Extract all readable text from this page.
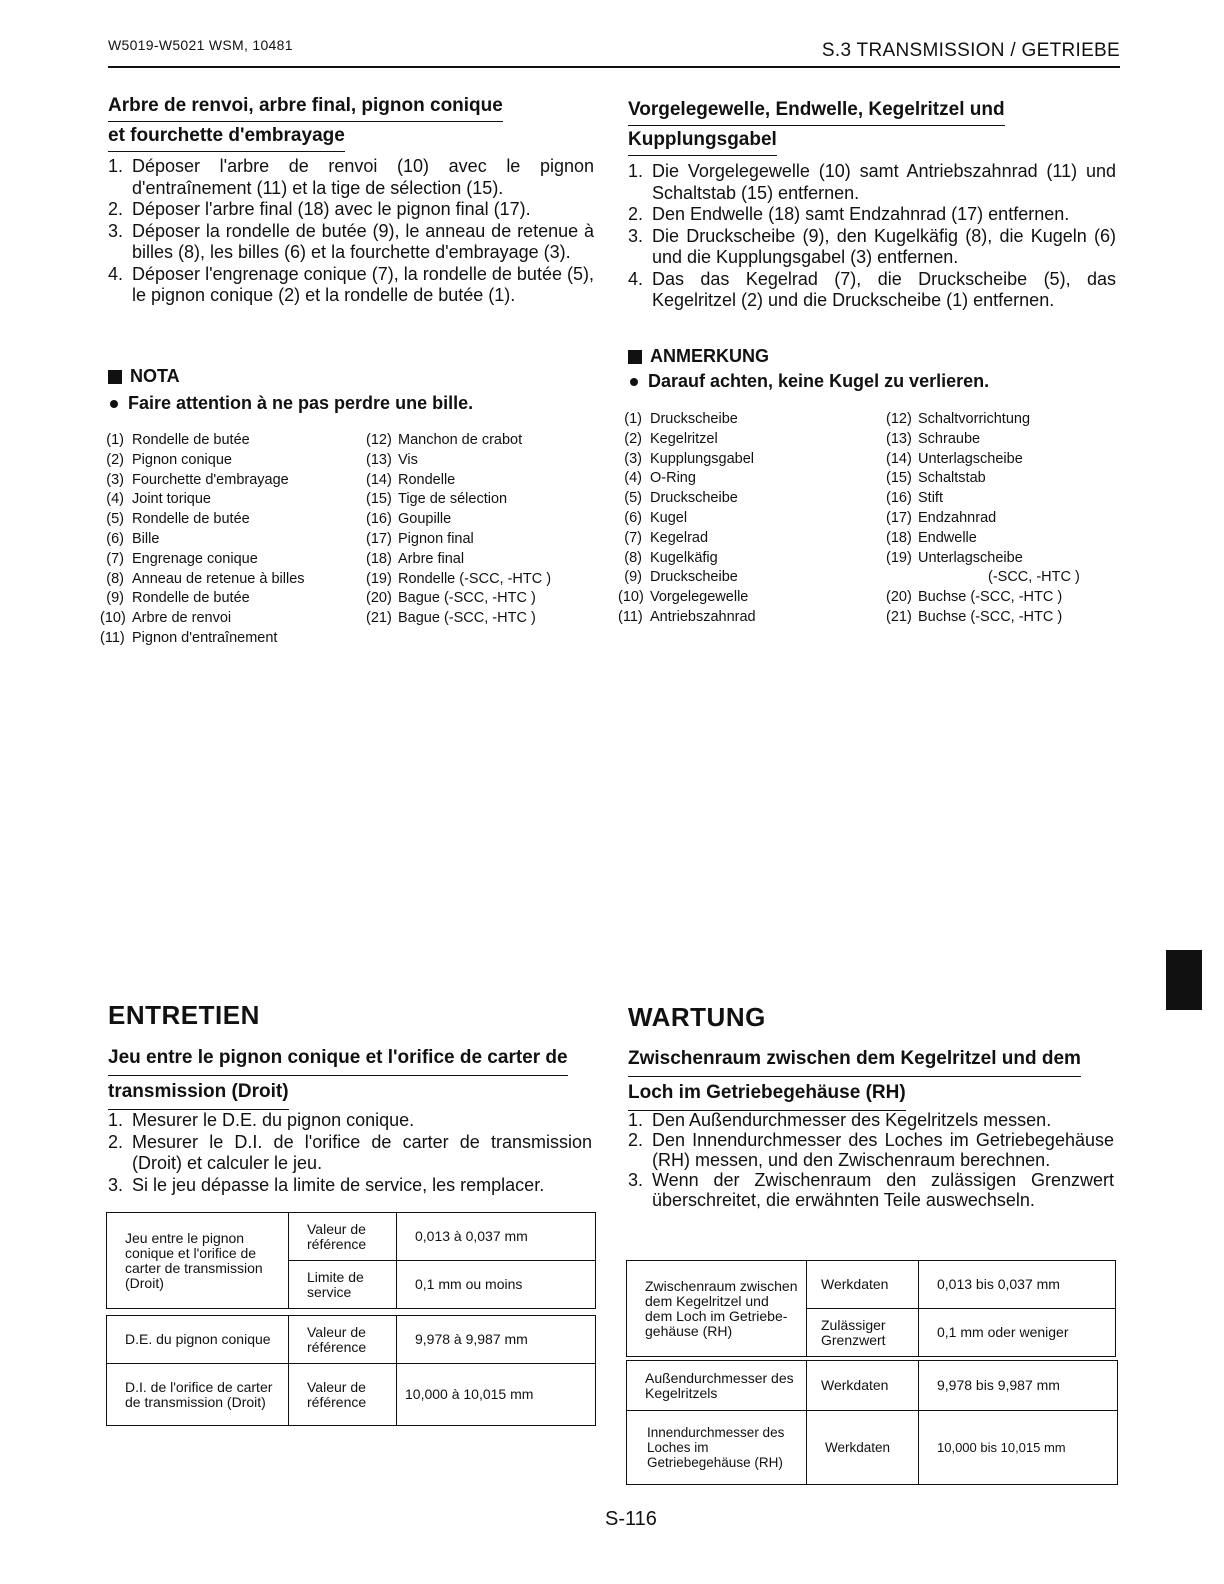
W5019-W5021 WSM, 10481	S.3 TRANSMISSION / GETRIEBE
Arbre de renvoi, arbre final, pignon conique
et fourchette d'embrayage
1. Déposer l'arbre de renvoi (10) avec le pignon d'entraînement (11) et la tige de sélection (15).
2. Déposer l'arbre final (18) avec le pignon final (17).
3. Déposer la rondelle de butée (9), le anneau de retenue à billes (8), les billes (6) et la fourchette d'embrayage (3).
4. Déposer l'engrenage conique (7), la rondelle de butée (5), le pignon conique (2) et la rondelle de butée (1).
NOTA
Faire attention à ne pas perdre une bille.
(1) Rondelle de butée
(2) Pignon conique
(3) Fourchette d'embrayage
(4) Joint torique
(5) Rondelle de butée
(6) Bille
(7) Engrenage conique
(8) Anneau de retenue à billes
(9) Rondelle de butée
(10) Arbre de renvoi
(11) Pignon d'entraînement
(12) Manchon de crabot
(13) Vis
(14) Rondelle
(15) Tige de sélection
(16) Goupille
(17) Pignon final
(18) Arbre final
(19) Rondelle (-SCC, -HTC )
(20) Bague (-SCC, -HTC )
(21) Bague (-SCC, -HTC )
Vorgelegewelle, Endwelle, Kegelritzel und
Kupplungsgabel
1. Die Vorgelegewelle (10) samt Antriebszahnrad (11) und Schaltstab (15) entfernen.
2. Den Endwelle (18) samt Endzahnrad (17) entfernen.
3. Die Druckscheibe (9), den Kugelkäfig (8), die Kugeln (6) und die Kupplungsgabel (3) entfernen.
4. Das das Kegelrad (7), die Druckscheibe (5), das Kegelritzel (2) und die Druckscheibe (1) entfernen.
ANMERKUNG
Darauf achten, keine Kugel zu verlieren.
(1) Druckscheibe
(2) Kegelritzel
(3) Kupplungsgabel
(4) O-Ring
(5) Druckscheibe
(6) Kugel
(7) Kegelrad
(8) Kugelkäfig
(9) Druckscheibe
(10) Vorgelegewelle
(11) Antriebszahnrad
(12) Schaltvorrichtung
(13) Schraube
(14) Unterlagscheibe
(15) Schaltstab
(16) Stift
(17) Endzahnrad
(18) Endwelle
(19) Unterlagscheibe
(-SCC, -HTC )
(20) Buchse (-SCC, -HTC )
(21) Buchse (-SCC, -HTC )
ENTRETIEN
Jeu entre le pignon conique et l'orifice de carter de
transmission (Droit)
1. Mesurer le D.E. du pignon conique.
2. Mesurer le D.I. de l'orifice de carter de transmission (Droit) et calculer le jeu.
3. Si le jeu dépasse la limite de service, les remplacer.
Jeu entre le pignon conique et l'orifice de carter de transmission (Droit)	Valeur de référence	0,013 à 0,037 mm
	Limite de service	0,1 mm ou moins
D.E. du pignon conique	Valeur de référence	9,978 à 9,987 mm
D.I. de l'orifice de carter de transmission (Droit)	Valeur de référence	10,000 à 10,015 mm
WARTUNG
Zwischenraum zwischen dem Kegelritzel und dem
Loch im Getriebegehäuse (RH)
1. Den Außendurchmesser des Kegelritzels messen.
2. Den Innendurchmesser des Loches im Getriebegehäuse (RH) messen, und den Zwischenraum berechnen.
3. Wenn der Zwischenraum den zulässigen Grenzwert überschreitet, die erwähnten Teile auswechseln.
Zwischenraum zwischen dem Kegelritzel und dem Loch im Getriebe-gehäuse (RH)	Werkdaten	0,013 bis 0,037 mm
	Zulässiger Grenzwert	0,1 mm oder weniger
Außendurchmesser des Kegelritzels	Werkdaten	9,978 bis 9,987 mm
Innendurchmesser des Loches im Getriebegehäuse (RH)	Werkdaten	10,000 bis 10,015 mm
S-116
